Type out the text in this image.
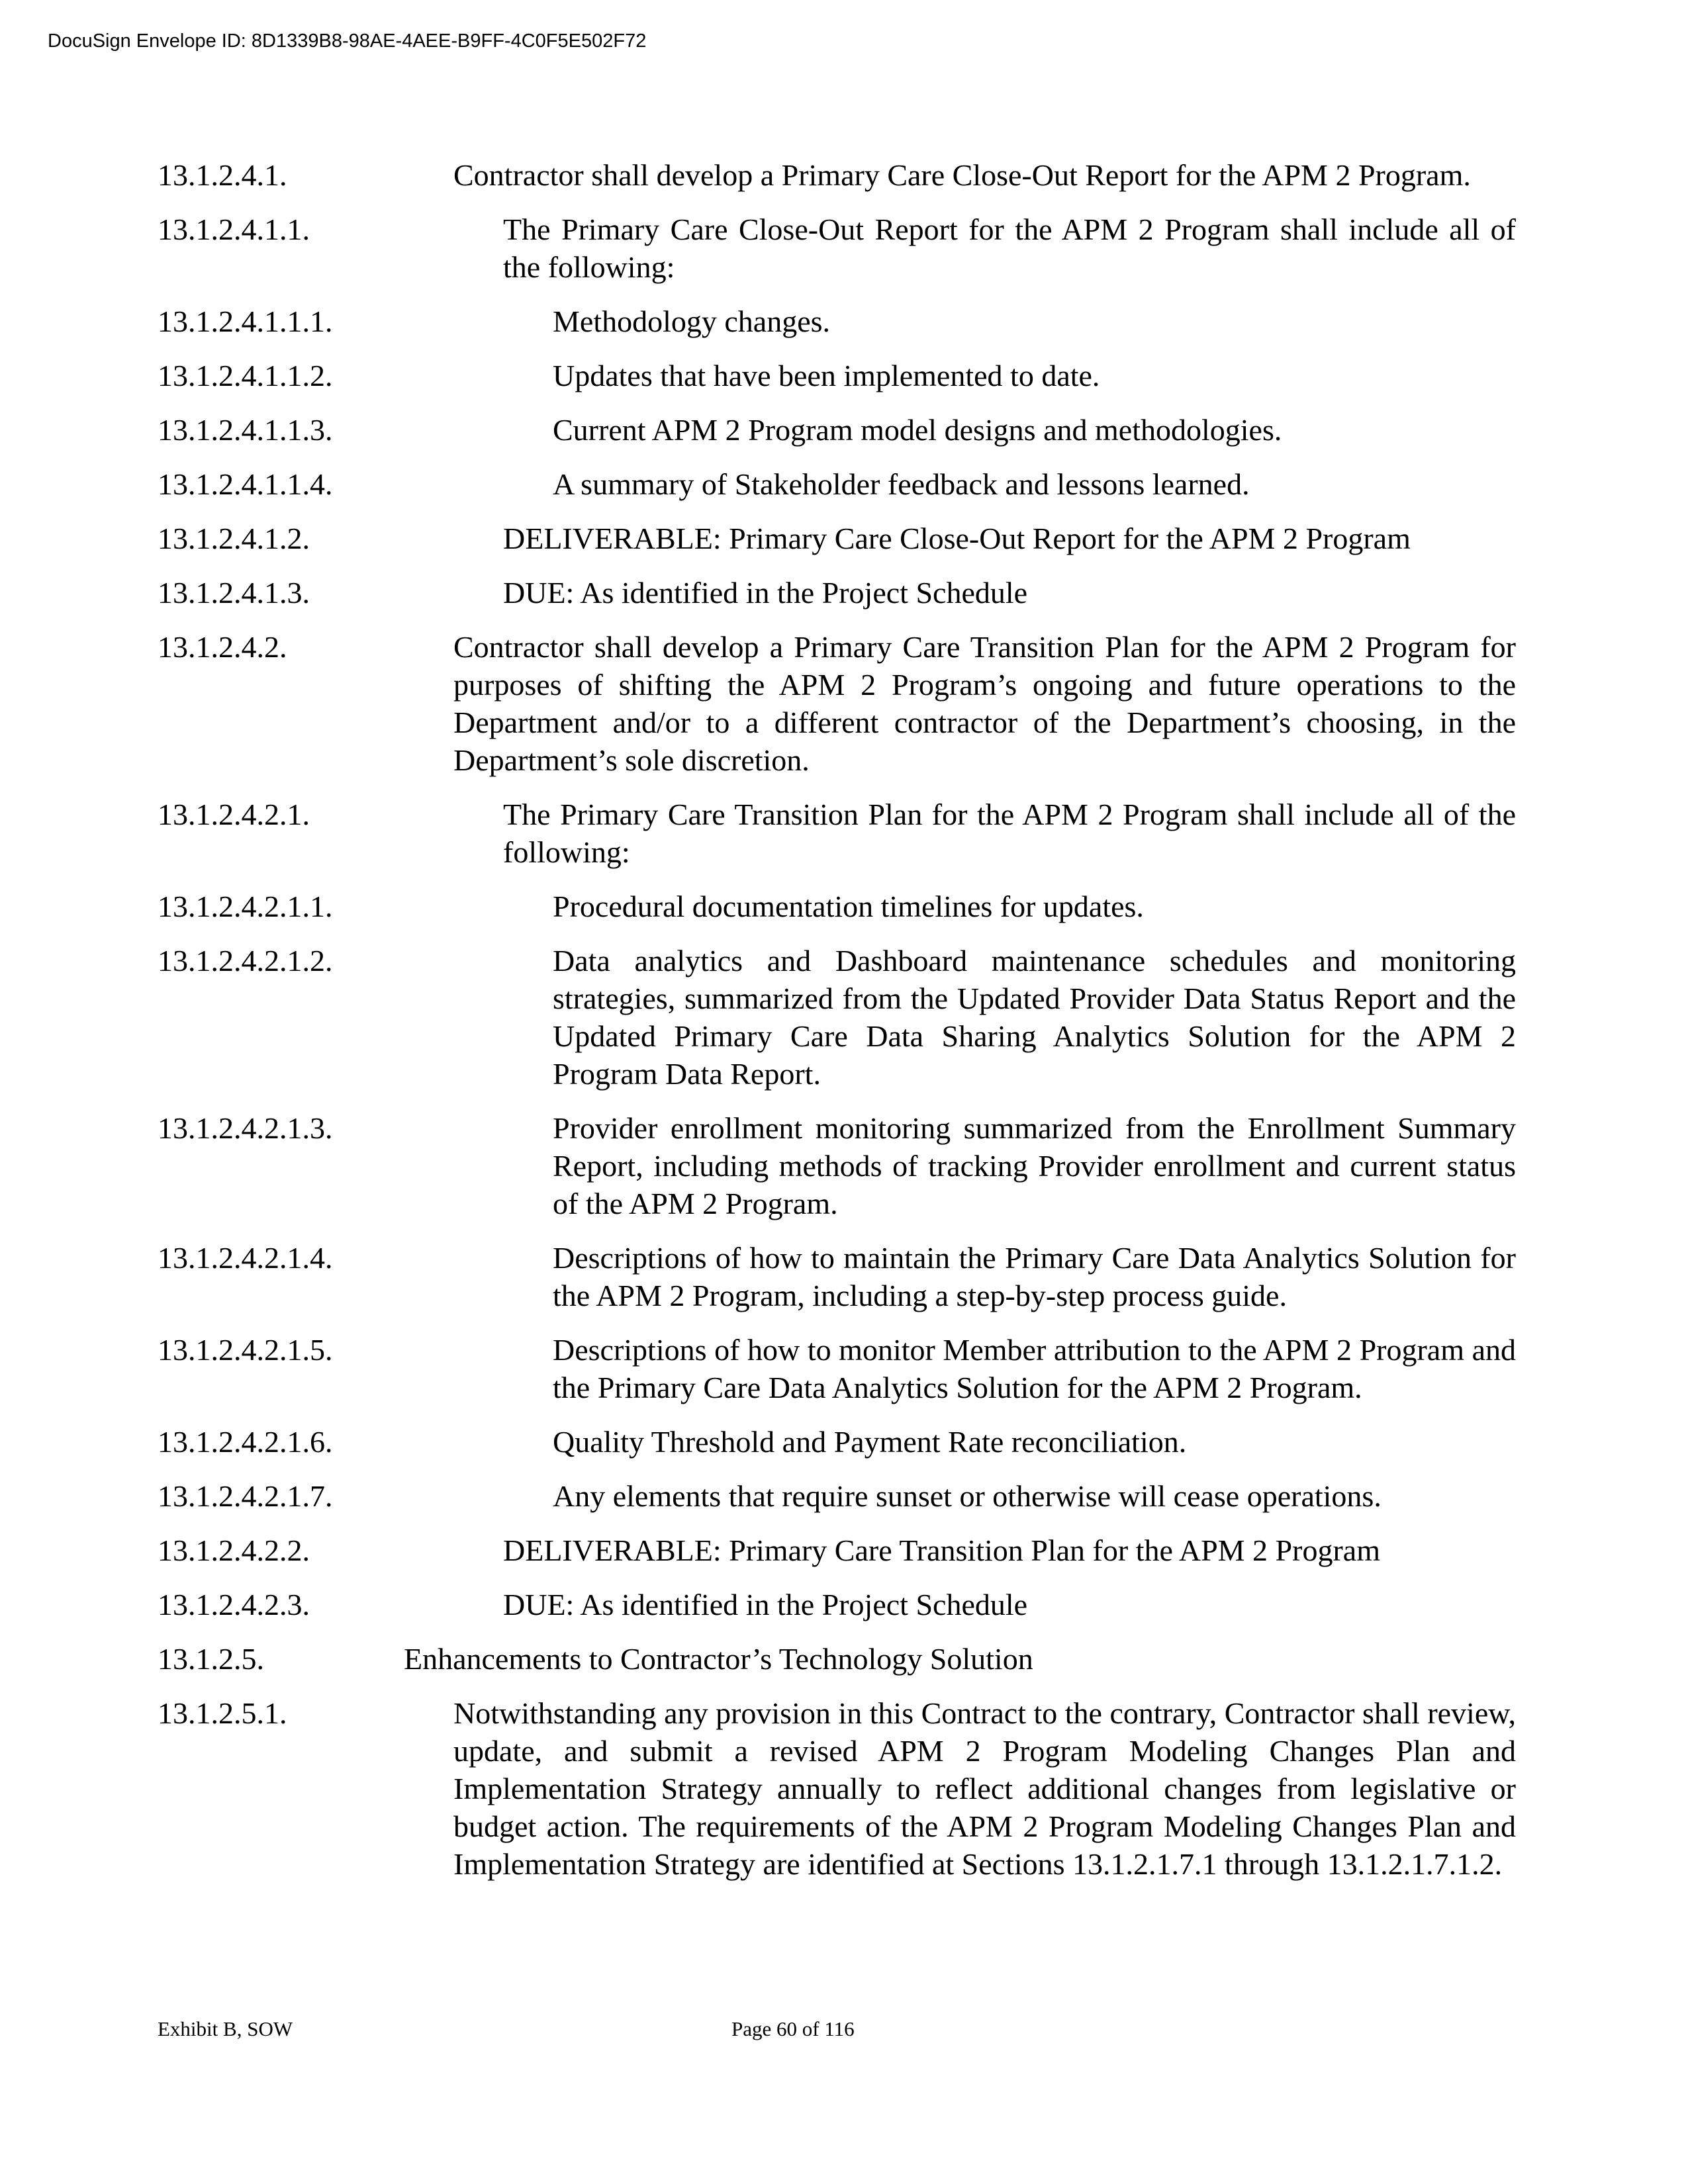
DocuSign Envelope ID: 8D1339B8-98AE-4AEE-B9FF-4C0F5E502F72
13.1.2.4.1.	Contractor shall develop a Primary Care Close-Out Report for the APM 2 Program.
13.1.2.4.1.1.	The Primary Care Close-Out Report for the APM 2 Program shall include all of the following:
13.1.2.4.1.1.1.	Methodology changes.
13.1.2.4.1.1.2.	Updates that have been implemented to date.
13.1.2.4.1.1.3.	Current APM 2 Program model designs and methodologies.
13.1.2.4.1.1.4.	A summary of Stakeholder feedback and lessons learned.
13.1.2.4.1.2.	DELIVERABLE: Primary Care Close-Out Report for the APM 2 Program
13.1.2.4.1.3.	DUE: As identified in the Project Schedule
13.1.2.4.2.	Contractor shall develop a Primary Care Transition Plan for the APM 2 Program for purposes of shifting the APM 2 Program’s ongoing and future operations to the Department and/or to a different contractor of the Department’s choosing, in the Department’s sole discretion.
13.1.2.4.2.1.	The Primary Care Transition Plan for the APM 2 Program shall include all of the following:
13.1.2.4.2.1.1.	Procedural documentation timelines for updates.
13.1.2.4.2.1.2.	Data analytics and Dashboard maintenance schedules and monitoring strategies, summarized from the Updated Provider Data Status Report and the Updated Primary Care Data Sharing Analytics Solution for the APM 2 Program Data Report.
13.1.2.4.2.1.3.	Provider enrollment monitoring summarized from the Enrollment Summary Report, including methods of tracking Provider enrollment and current status of the APM 2 Program.
13.1.2.4.2.1.4.	Descriptions of how to maintain the Primary Care Data Analytics Solution for the APM 2 Program, including a step-by-step process guide.
13.1.2.4.2.1.5.	Descriptions of how to monitor Member attribution to the APM 2 Program and the Primary Care Data Analytics Solution for the APM 2 Program.
13.1.2.4.2.1.6.	Quality Threshold and Payment Rate reconciliation.
13.1.2.4.2.1.7.	Any elements that require sunset or otherwise will cease operations.
13.1.2.4.2.2.	DELIVERABLE: Primary Care Transition Plan for the APM 2 Program
13.1.2.4.2.3.	DUE: As identified in the Project Schedule
13.1.2.5.	Enhancements to Contractor’s Technology Solution
13.1.2.5.1.	Notwithstanding any provision in this Contract to the contrary, Contractor shall review, update, and submit a revised APM 2 Program Modeling Changes Plan and Implementation Strategy annually to reflect additional changes from legislative or budget action. The requirements of the APM 2 Program Modeling Changes Plan and Implementation Strategy are identified at Sections 13.1.2.1.7.1 through 13.1.2.1.7.1.2.
Exhibit B, SOW	Page 60 of 116
